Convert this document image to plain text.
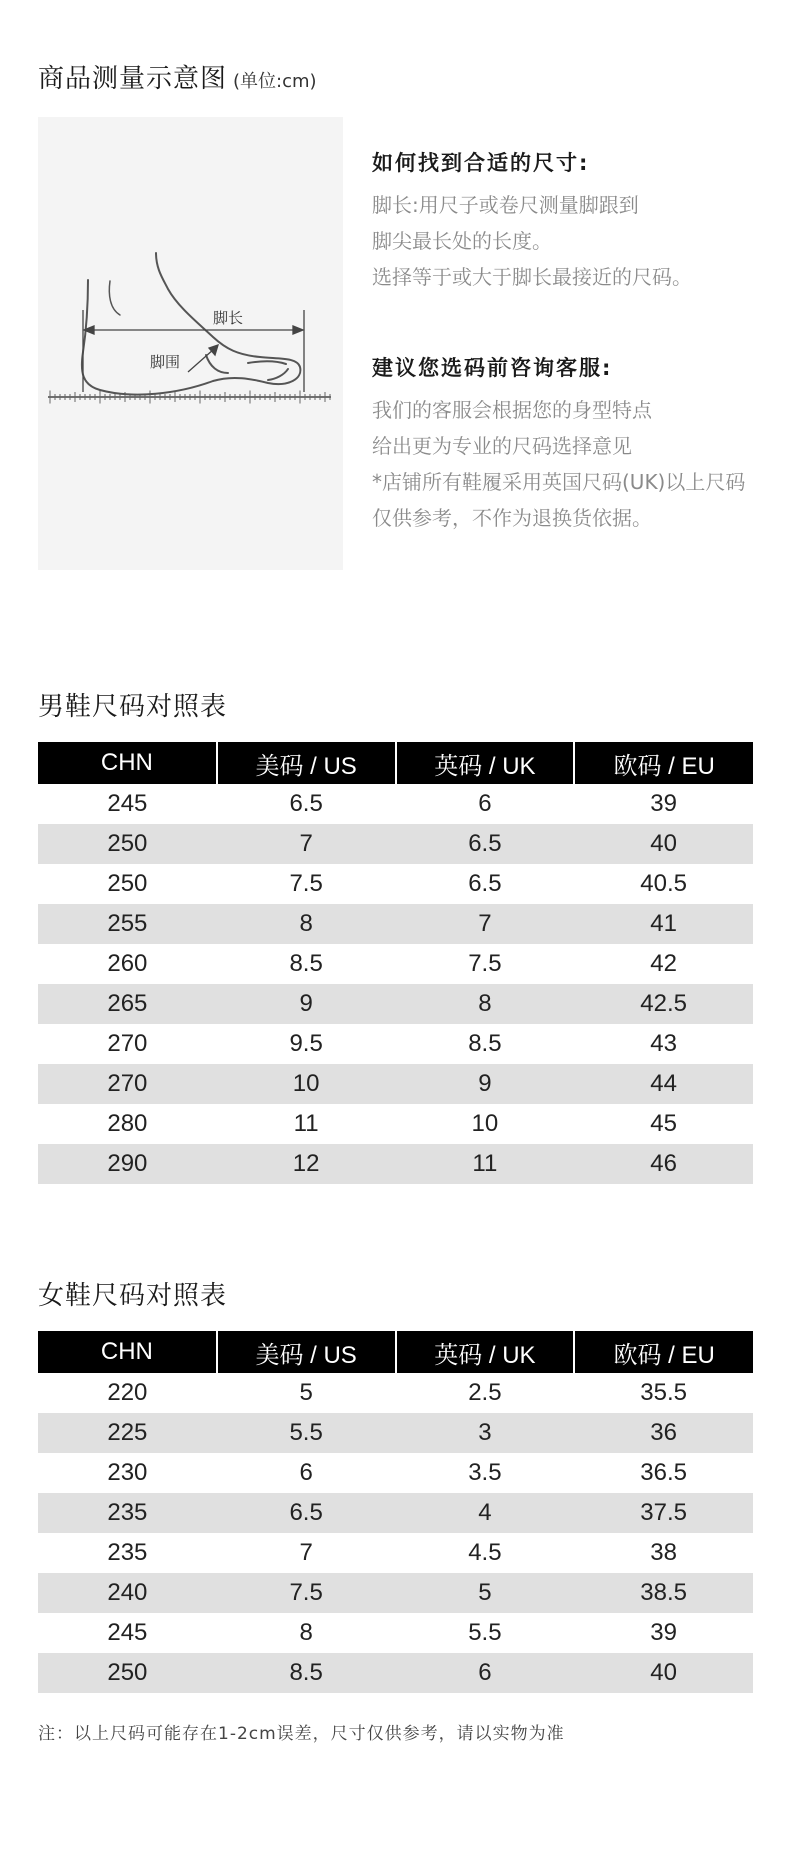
商品测量示意图 (单位:cm)
脚长
脚围
如何找到合适的尺寸:

脚长:用尺子或卷尺测量脚跟到

脚尖最长处的长度。

选择等于或大于脚长最接近的尺码。

建议您选码前咨询客服:

我们的客服会根据您的身型特点

给出更为专业的尺码选择意见

*店铺所有鞋履采用英国尺码(UK)以上尺码

仅供参考，不作为退换货依据。

男鞋尺码对照表
CHN	美码 / US	英码 / UK	欧码 / EU
245	6.5	6	39
250	7	6.5	40
250	7.5	6.5	40.5
255	8	7	41
260	8.5	7.5	42
265	9	8	42.5
270	9.5	8.5	43
270	10	9	44
280	11	10	45
290	12	11	46
女鞋尺码对照表
CHN	美码 / US	英码 / UK	欧码 / EU
220	5	2.5	35.5
225	5.5	3	36
230	6	3.5	36.5
235	6.5	4	37.5
235	7	4.5	38
240	7.5	5	38.5
245	8	5.5	39
250	8.5	6	40

注：以上尺码可能存在1-2cm误差，尺寸仅供参考，请以实物为准
